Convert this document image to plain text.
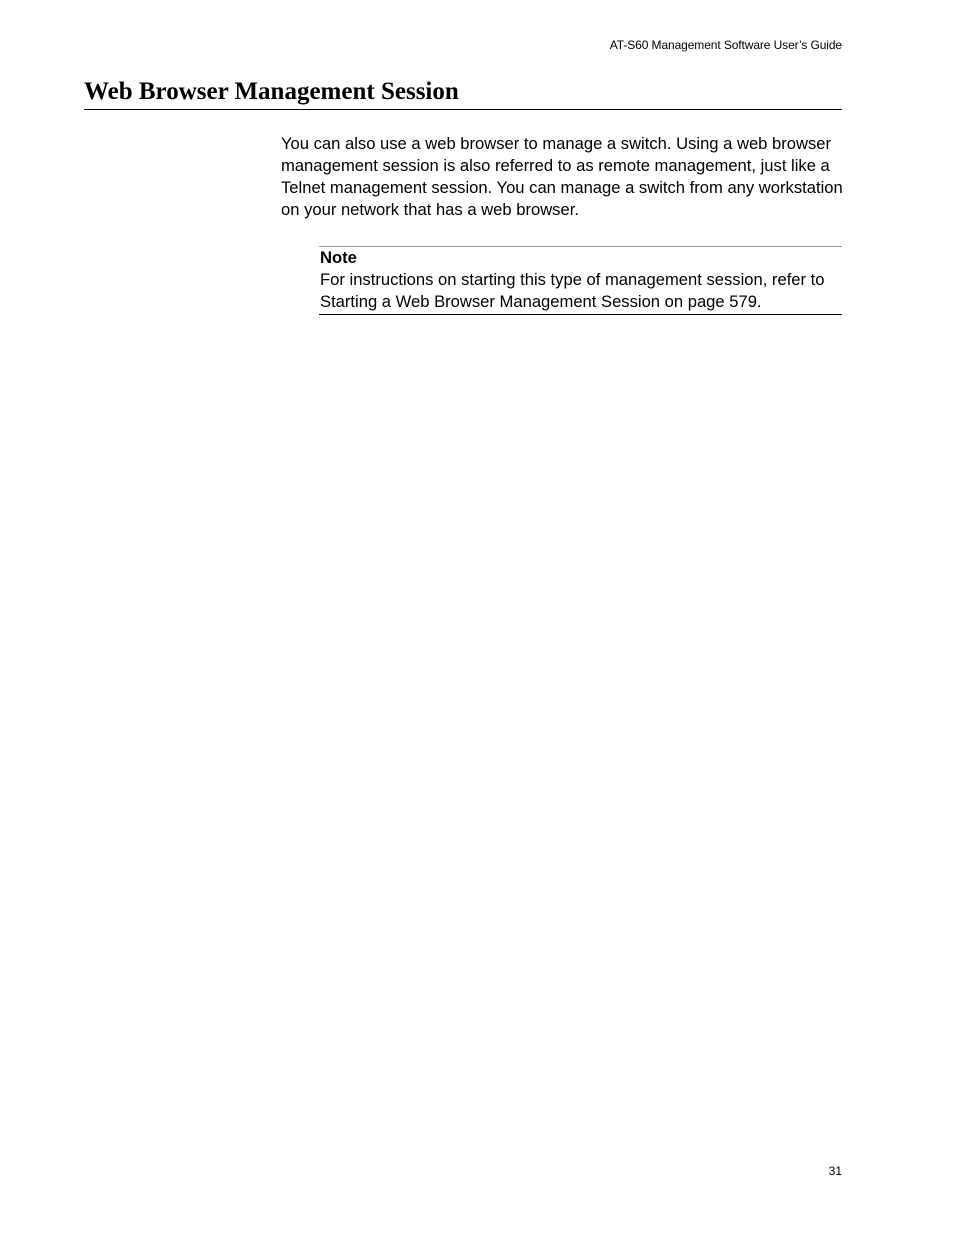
AT-S60 Management Software User’s Guide
Web Browser Management Session

You can also use a web browser to manage a switch. Using a web browser management session is also referred to as remote management, just like a Telnet management session. You can manage a switch from any workstation on your network that has a web browser.

Note

For instructions on starting this type of management session, refer to Starting a Web Browser Management Session on page 579.

31
